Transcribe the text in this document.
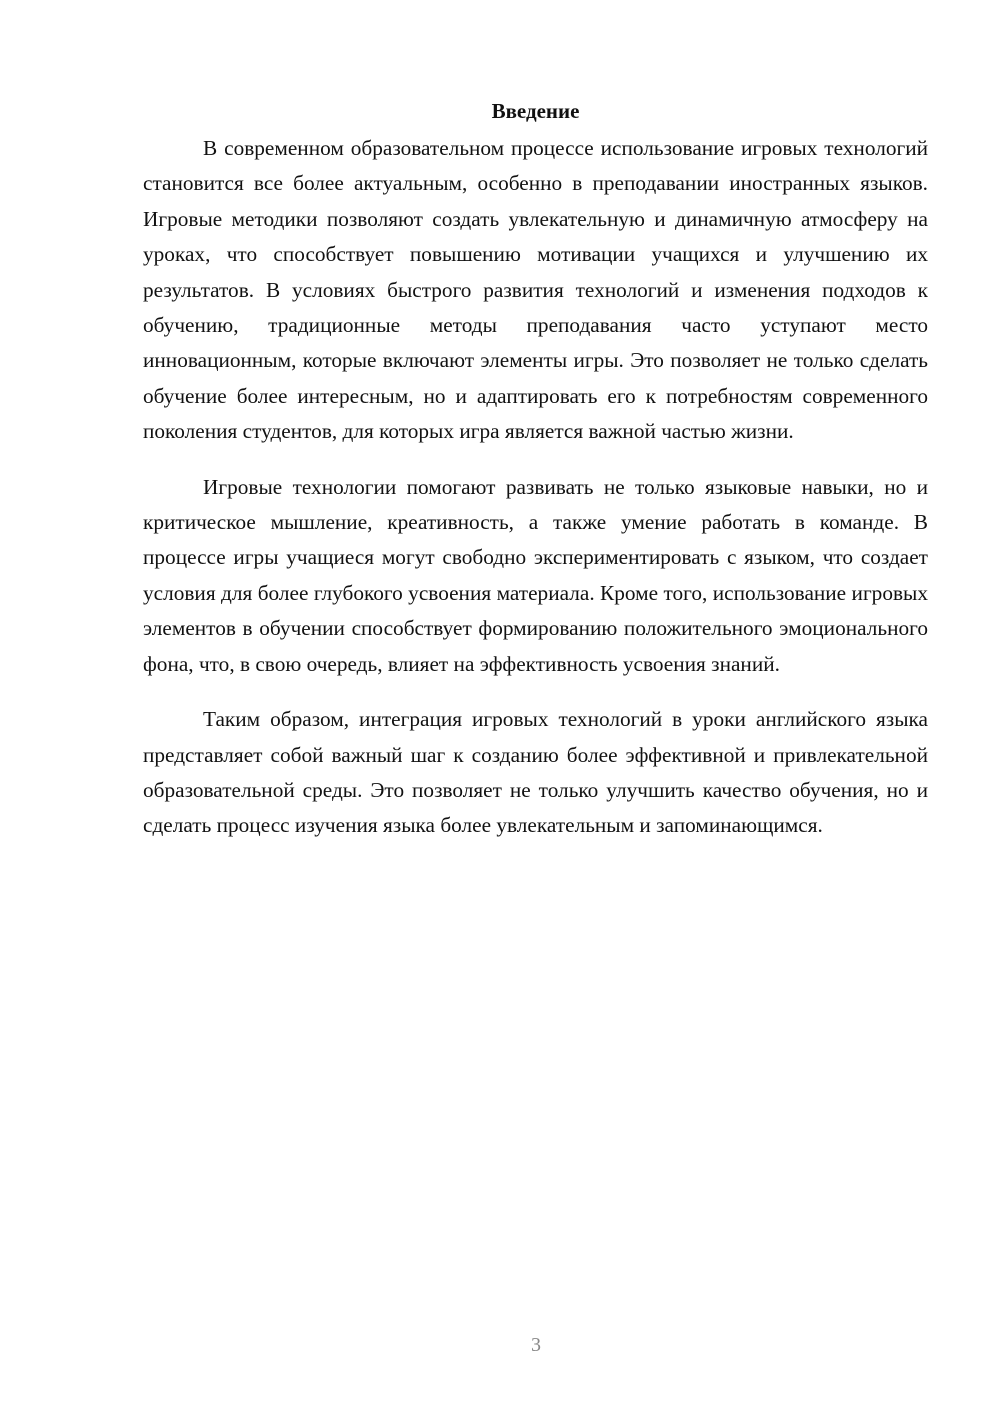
Введение

В современном образовательном процессе использование игровых технологий становится все более актуальным, особенно в преподавании иностранных языков. Игровые методики позволяют создать увлекательную и динамичную атмосферу на уроках, что способствует повышению мотивации учащихся и улучшению их результатов. В условиях быстрого развития технологий и изменения подходов к обучению, традиционные методы преподавания часто уступают место инновационным, которые включают элементы игры. Это позволяет не только сделать обучение более интересным, но и адаптировать его к потребностям современного поколения студентов, для которых игра является важной частью жизни.

Игровые технологии помогают развивать не только языковые навыки, но и критическое мышление, креативность, а также умение работать в команде. В процессе игры учащиеся могут свободно экспериментировать с языком, что создает условия для более глубокого усвоения материала. Кроме того, использование игровых элементов в обучении способствует формированию положительного эмоционального фона, что, в свою очередь, влияет на эффективность усвоения знаний.

Таким образом, интеграция игровых технологий в уроки английского языка представляет собой важный шаг к созданию более эффективной и привлекательной образовательной среды. Это позволяет не только улучшить качество обучения, но и сделать процесс изучения языка более увлекательным и запоминающимся.

3
